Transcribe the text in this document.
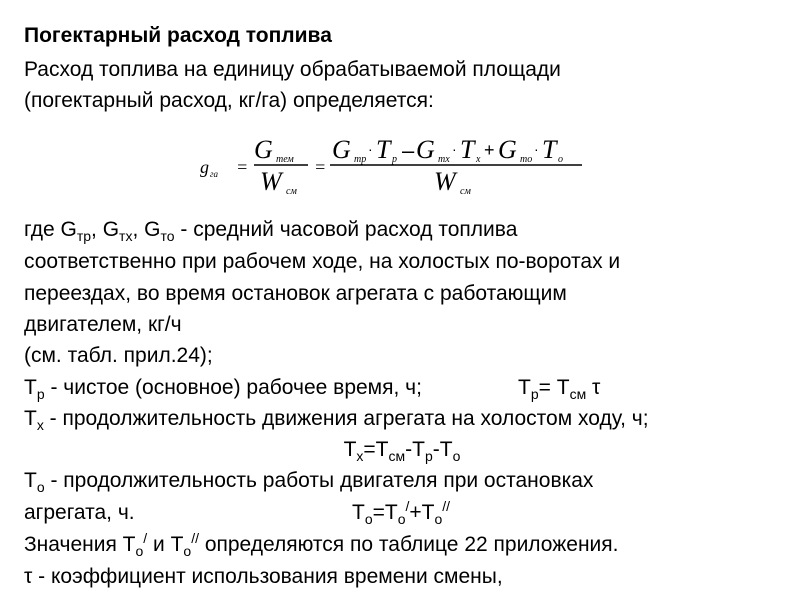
Погектарный расход топлива
Расход топлива на единицу обрабатываемой площади
(погектарный расход, кг/га) определяется:
g га =
G тем
W см
=
G тр
· T р – G тх
· T х + G то
· T о
W см
где $G_{тр}$, $G_{тх}$, $G_{то}$ - средний часовой расход топлива
соответственно при рабочем ходе, на холостых по-воротах и
переездах, во время остановок агрегата с работающим
двигателем, кг/ч
(см. табл. прил.24);
$T_р$ - чистое (основное) рабочее время, ч;	$T_р= T_{см}$ τ
$T_х$ - продолжительность движения агрегата на холостом ходу, ч;
$T_х=T_{см}-T_р-T_о$
$T_о$ - продолжительность работы двигателя при остановках
агрегата, ч.	$T_о=T_о^/+T_о^{//}$
Значения $T_о^/$ и $T_о^{//}$ определяются по таблице 22 приложения.
τ - коэффициент использования времени смены,
